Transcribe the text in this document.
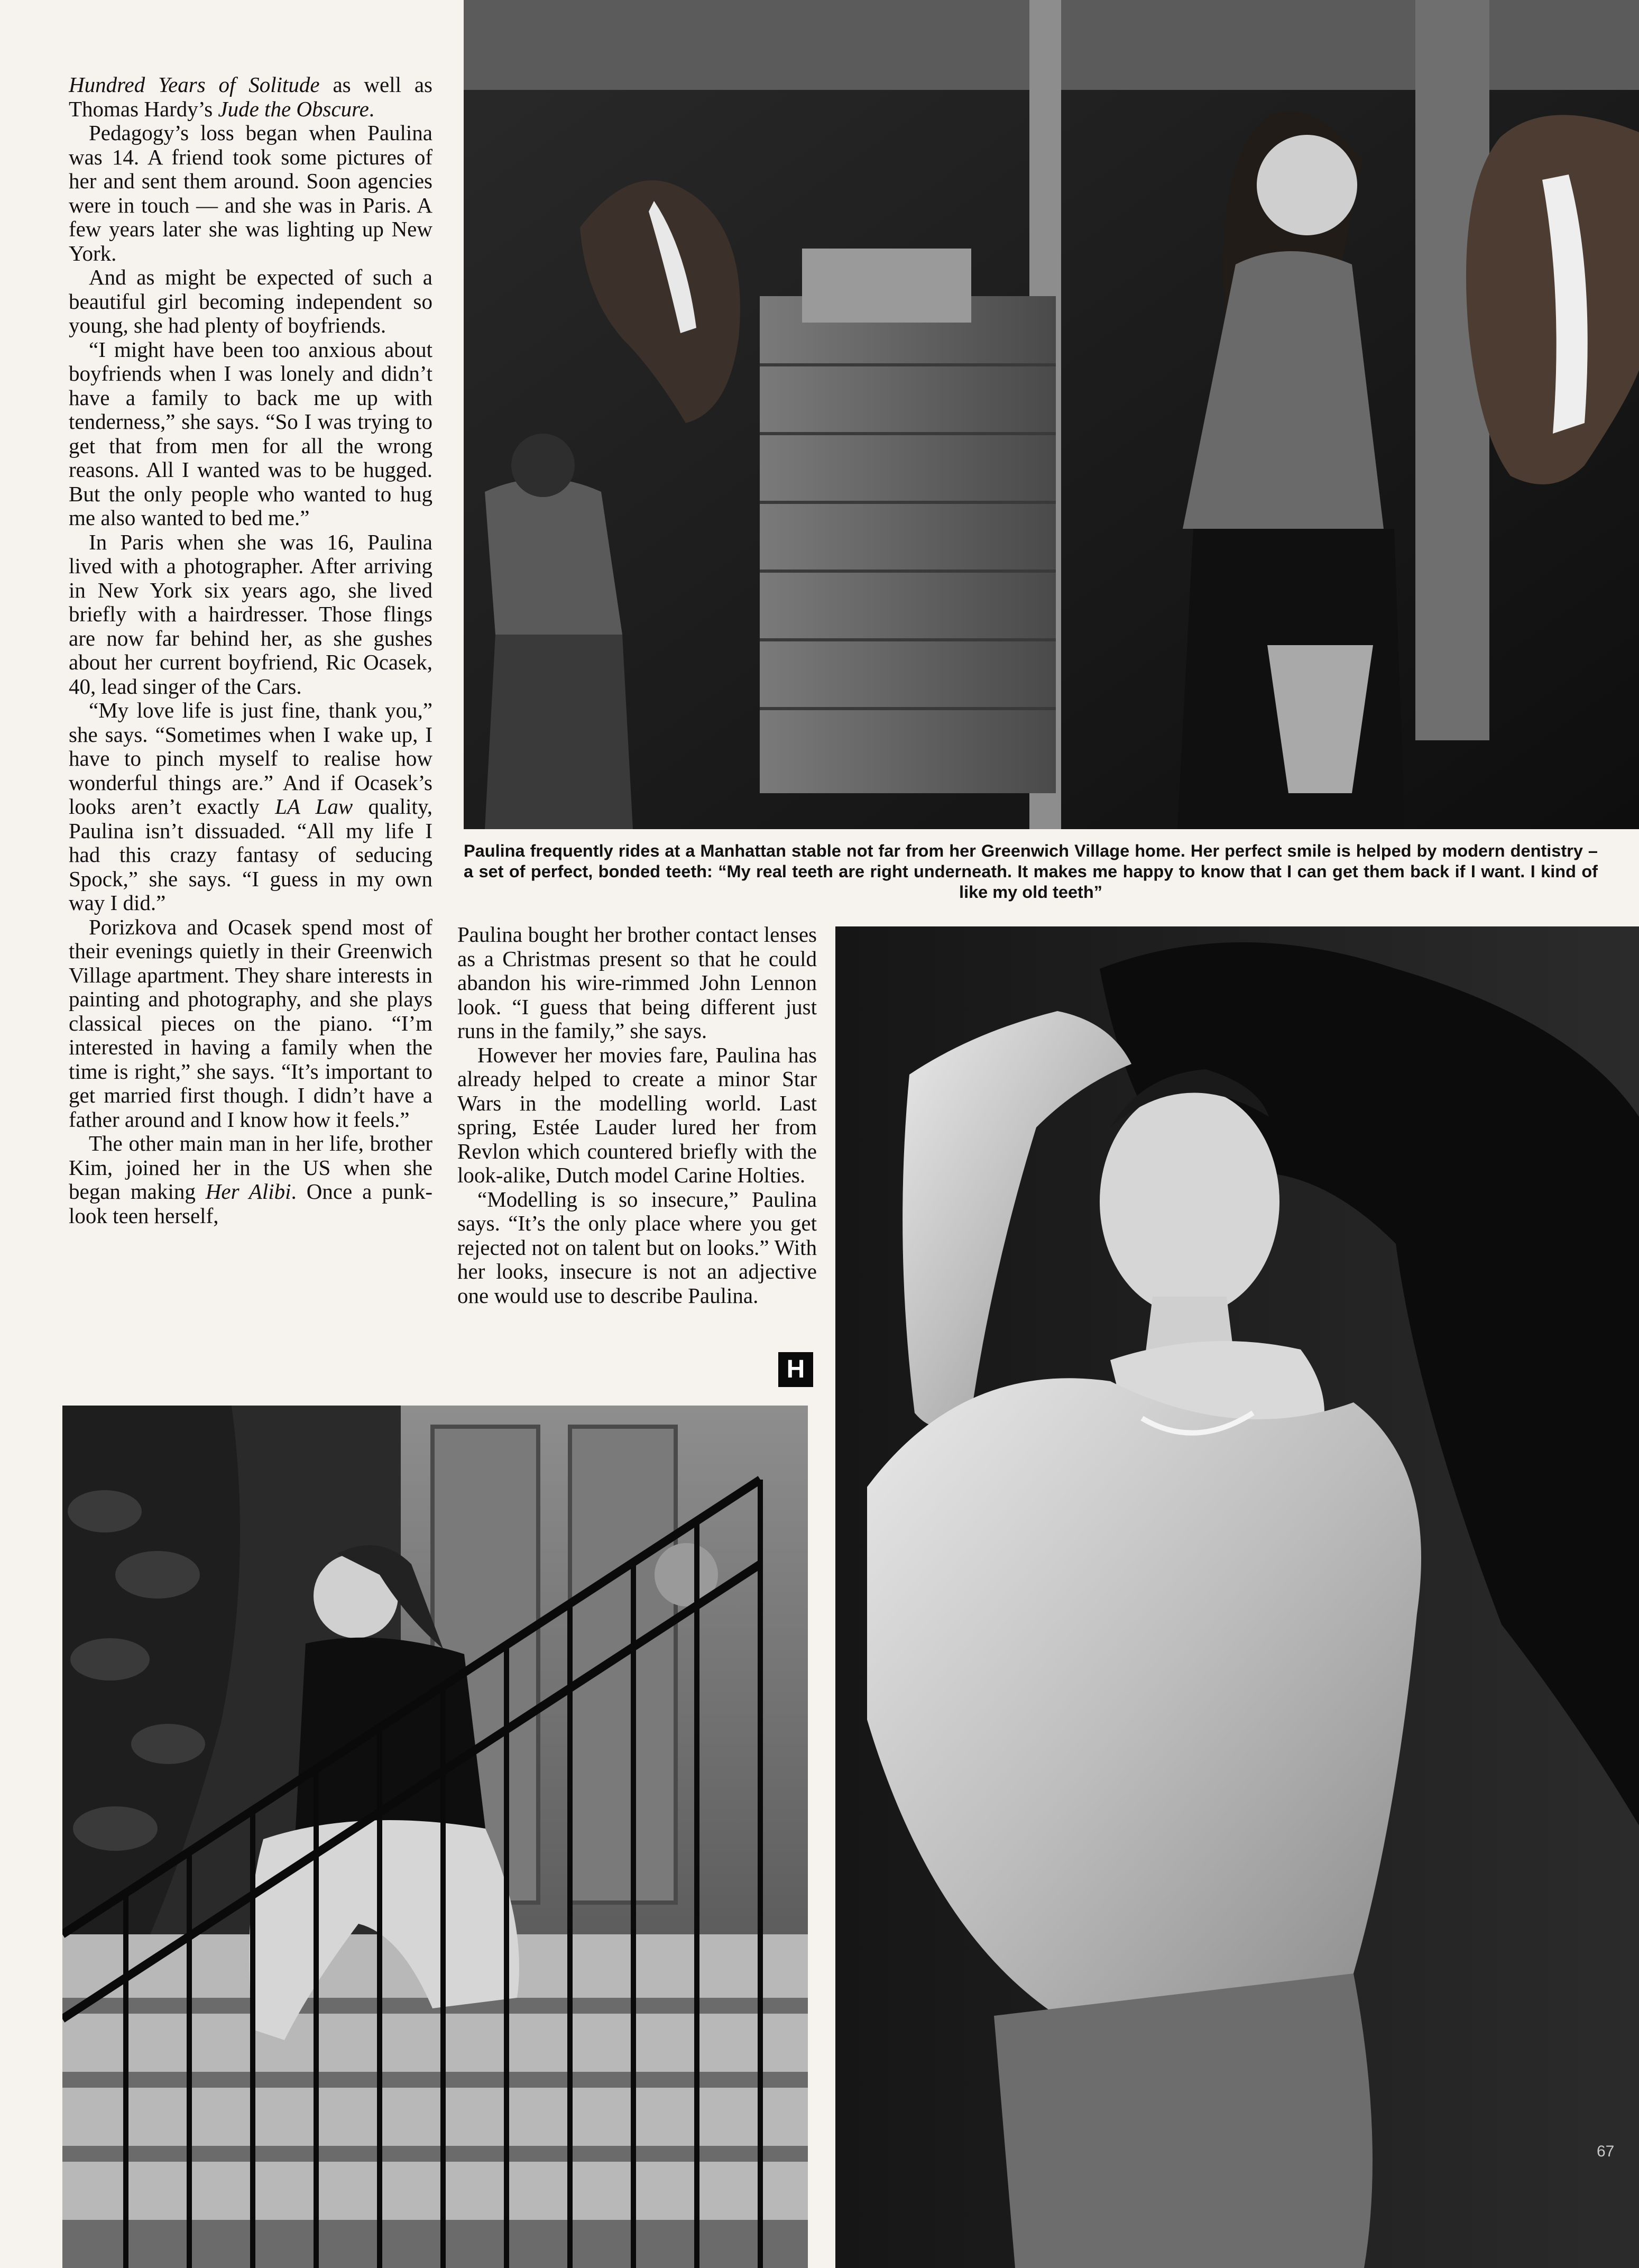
Paulina frequently rides at a Manhattan stable not far from her Greenwich Village home. Her perfect smile is helped by modern dentistry – a set of perfect, bonded teeth: “My real teeth are right underneath. It makes me happy to know that I can get them back if I want. I kind of like my old teeth”

Hundred Years of Solitude as well as Thomas Hardy’s Jude the Obscure.

Pedagogy’s loss began when Paulina was 14. A friend took some pictures of her and sent them around. Soon agencies were in touch — and she was in Paris. A few years later she was lighting up New York.

And as might be expected of such a beautiful girl becoming independent so young, she had plenty of boyfriends.

“I might have been too anxious about boyfriends when I was lonely and didn’t have a family to back me up with tenderness,” she says. “So I was trying to get that from men for all the wrong reasons. All I wanted was to be hugged. But the only people who wanted to hug me also wanted to bed me.”

In Paris when she was 16, Paulina lived with a photographer. After arriving in New York six years ago, she lived briefly with a hairdresser. Those flings are now far behind her, as she gushes about her current boyfriend, Ric Ocasek, 40, lead singer of the Cars.

“My love life is just fine, thank you,” she says. “Sometimes when I wake up, I have to pinch myself to realise how wonderful things are.” And if Ocasek’s looks aren’t exactly LA Law quality, Paulina isn’t dissuaded. “All my life I had this crazy fantasy of seducing Spock,” she says. “I guess in my own way I did.”

Porizkova and Ocasek spend most of their evenings quietly in their Greenwich Village apartment. They share interests in painting and photography, and she plays classical pieces on the piano. “I’m interested in having a family when the time is right,” she says. “It’s important to get married first though. I didn’t have a father around and I know how it feels.”

The other main man in her life, brother Kim, joined her in the US when she began making Her Alibi. Once a punk-look teen herself,

Paulina bought her brother contact lenses as a Christmas present so that he could abandon his wire-rimmed John Lennon look. “I guess that being different just runs in the family,” she says.

However her movies fare, Paulina has already helped to create a minor Star Wars in the modelling world. Last spring, Estée Lauder lured her from Revlon which countered briefly with the look-alike, Dutch model Carine Holties.

“Modelling is so insecure,” Paulina says. “It’s the only place where you get rejected not on talent but on looks.” With her looks, insecure is not an adjective one would use to describe Paulina.

H
67
